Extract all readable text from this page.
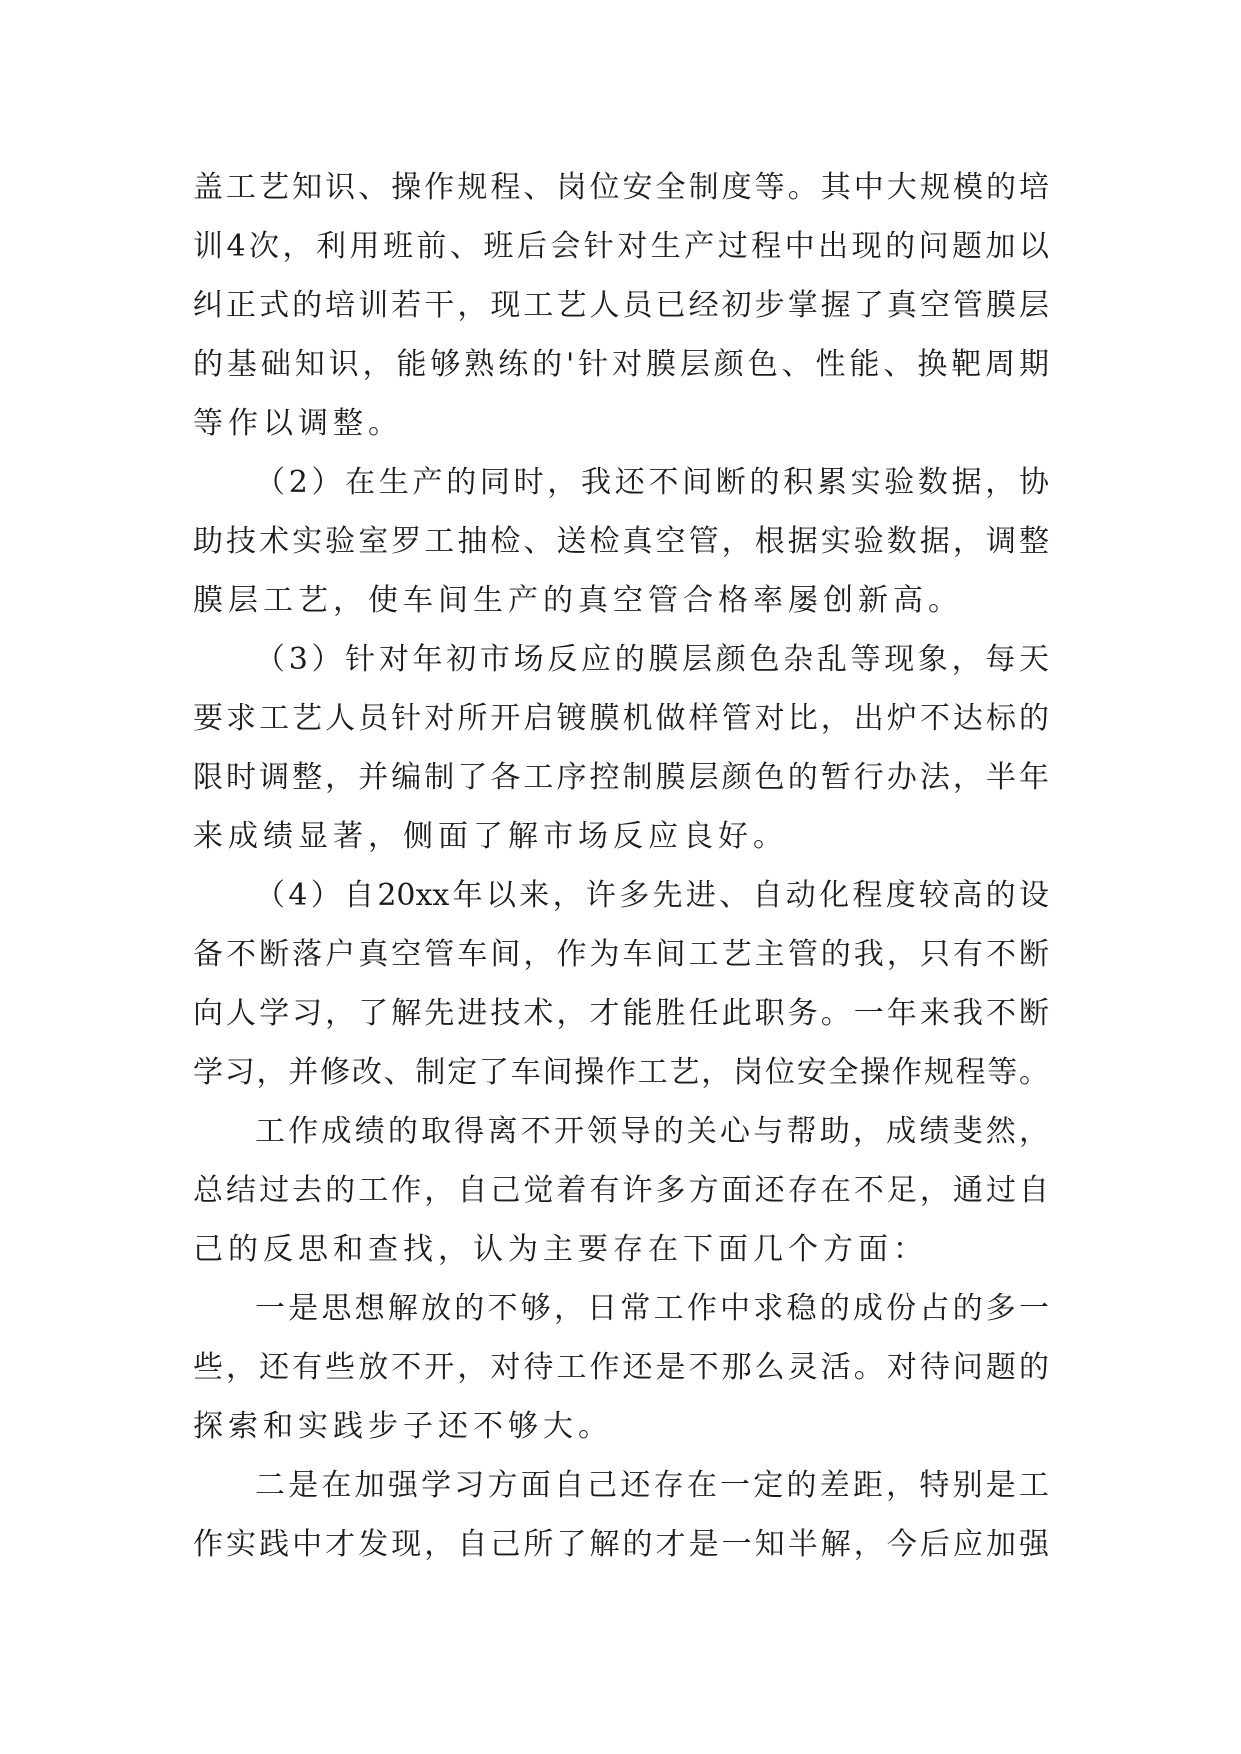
盖工艺知识、操作规程、岗位安全制度等。其中大规模的培
训4次，利用班前、班后会针对生产过程中出现的问题加以
纠正式的培训若干，现工艺人员已经初步掌握了真空管膜层
的基础知识，能够熟练的'针对膜层颜色、性能、换靶周期
等作以调整。
（2）在生产的同时，我还不间断的积累实验数据，协
助技术实验室罗工抽检、送检真空管，根据实验数据，调整
膜层工艺，使车间生产的真空管合格率屡创新高。
（3）针对年初市场反应的膜层颜色杂乱等现象，每天
要求工艺人员针对所开启镀膜机做样管对比，出炉不达标的
限时调整，并编制了各工序控制膜层颜色的暂行办法，半年
来成绩显著，侧面了解市场反应良好。
（4）自20xx年以来，许多先进、自动化程度较高的设
备不断落户真空管车间，作为车间工艺主管的我，只有不断
向人学习，了解先进技术，才能胜任此职务。一年来我不断
学习，并修改、制定了车间操作工艺，岗位安全操作规程等。
工作成绩的取得离不开领导的关心与帮助，成绩斐然，
总结过去的工作，自己觉着有许多方面还存在不足，通过自
己的反思和查找，认为主要存在下面几个方面：
一是思想解放的不够，日常工作中求稳的成份占的多一
些，还有些放不开，对待工作还是不那么灵活。对待问题的
探索和实践步子还不够大。
二是在加强学习方面自己还存在一定的差距，特别是工
作实践中才发现，自己所了解的才是一知半解，今后应加强
